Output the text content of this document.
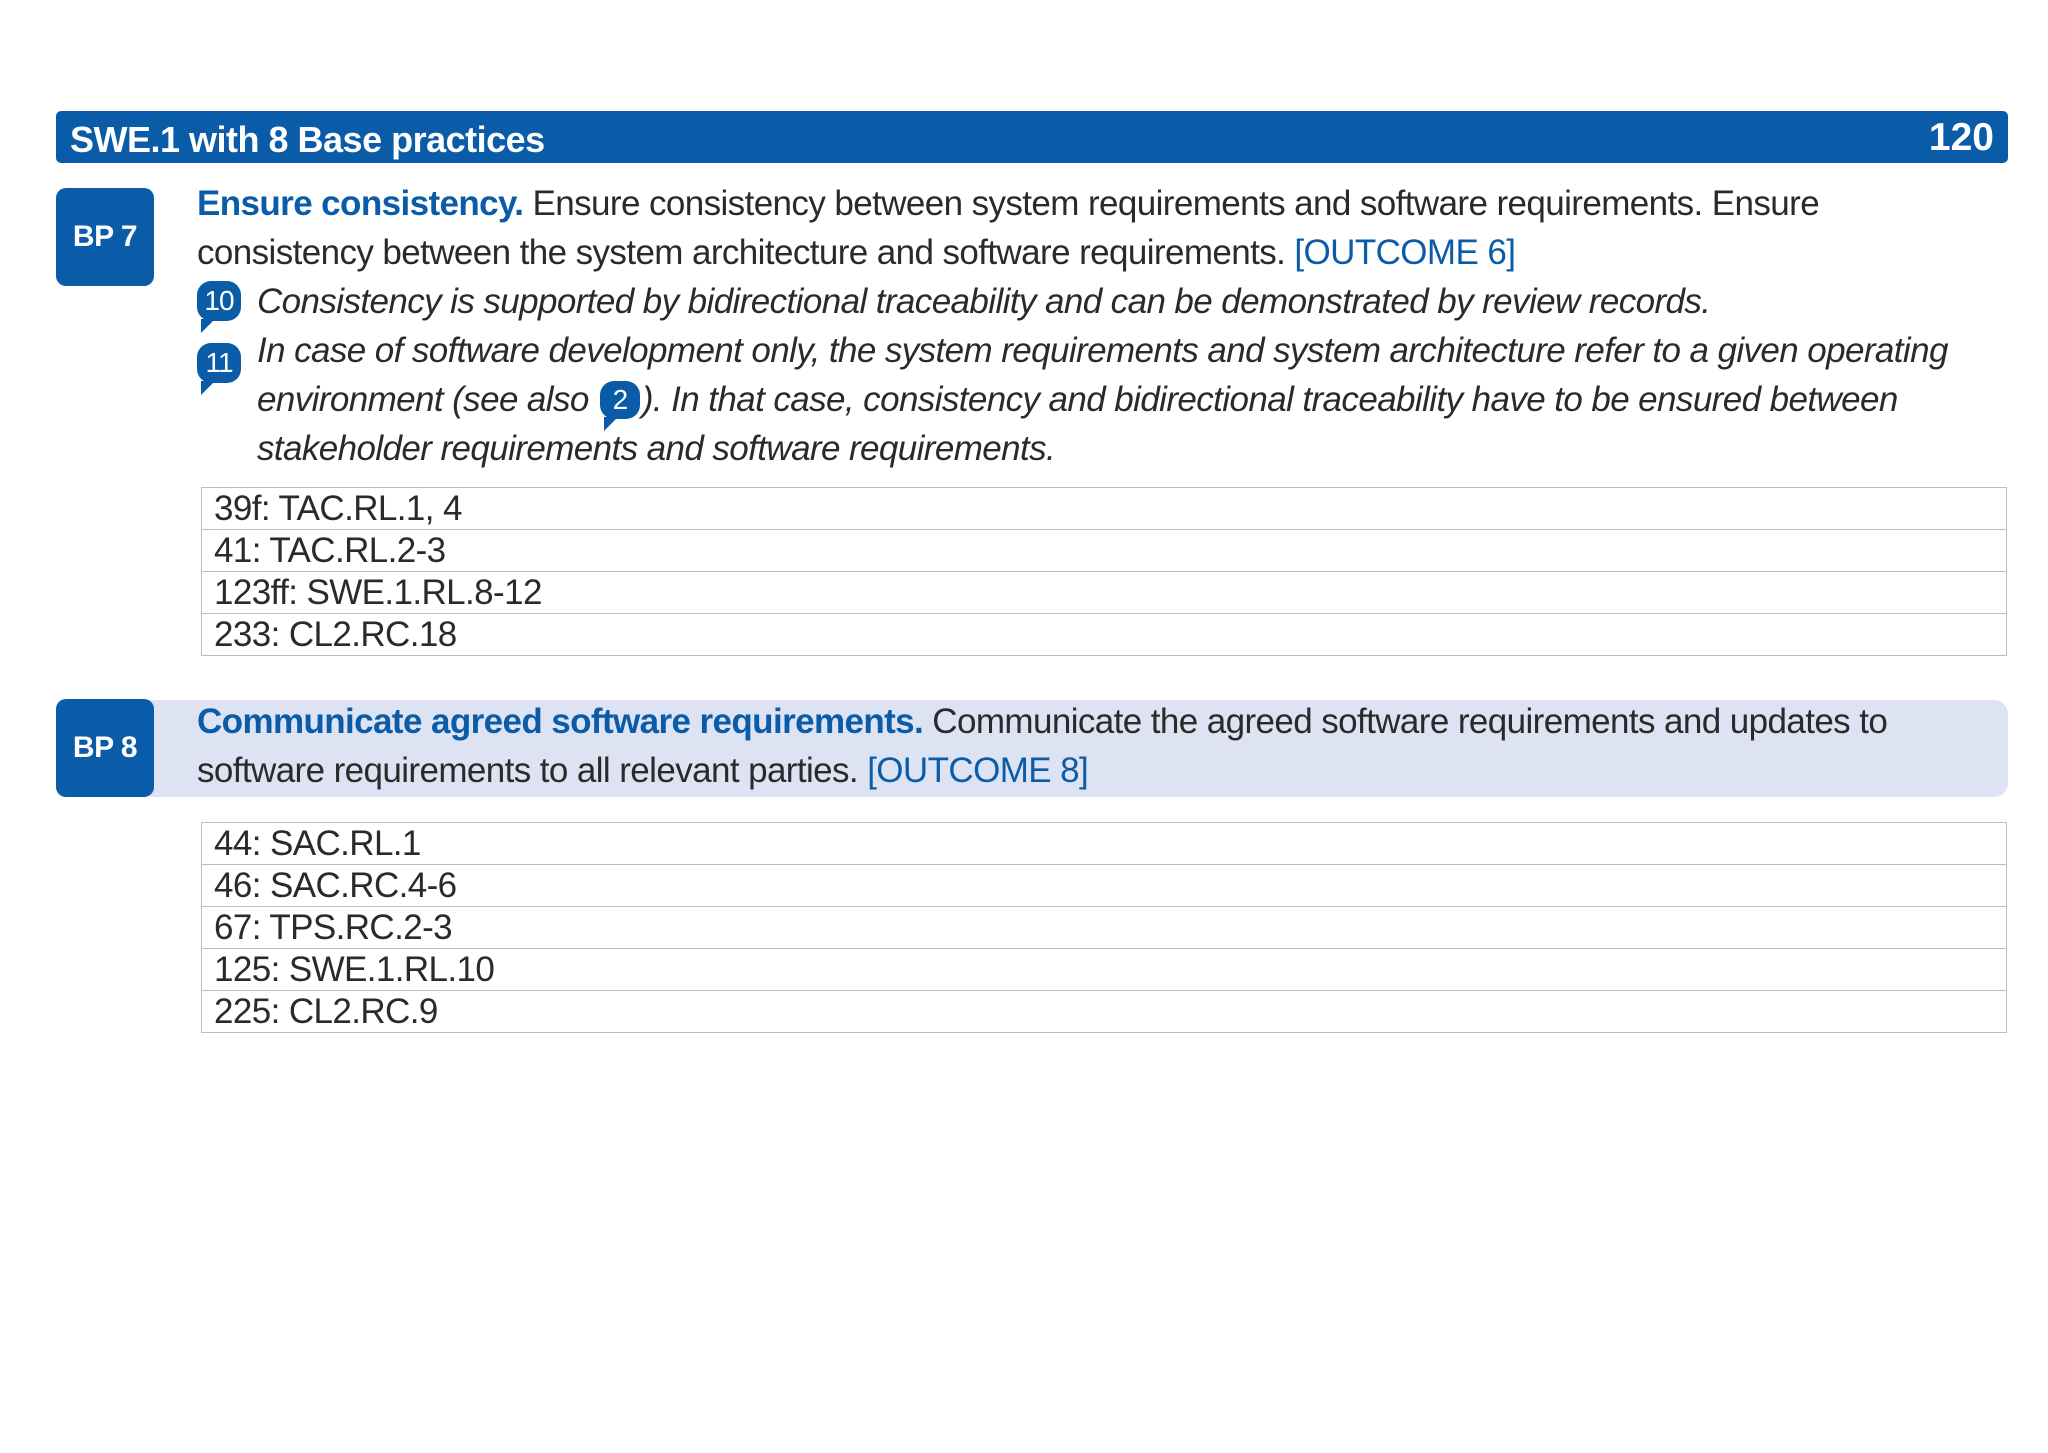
SWE.1 with 8 Base practices	120
BP 7
Ensure consistency. Ensure consistency between system requirements and software requirements. Ensure consistency between the system architecture and software requirements. [OUTCOME 6]
10 Consistency is supported by bidirectional traceability and can be demonstrated by review records.
11 In case of software development only, the system requirements and system architecture refer to a given operating environment (see also 2 ). In that case, consistency and bidirectional traceability have to be ensured between stakeholder requirements and software requirements.
39f: TAC.RL.1, 4
41: TAC.RL.2-3
123ff: SWE.1.RL.8-12
233: CL2.RC.18
BP 8
Communicate agreed software requirements. Communicate the agreed software requirements and updates to software requirements to all relevant parties. [OUTCOME 8]
44: SAC.RL.1
46: SAC.RC.4-6
67: TPS.RC.2-3
125: SWE.1.RL.10
225: CL2.RC.9
